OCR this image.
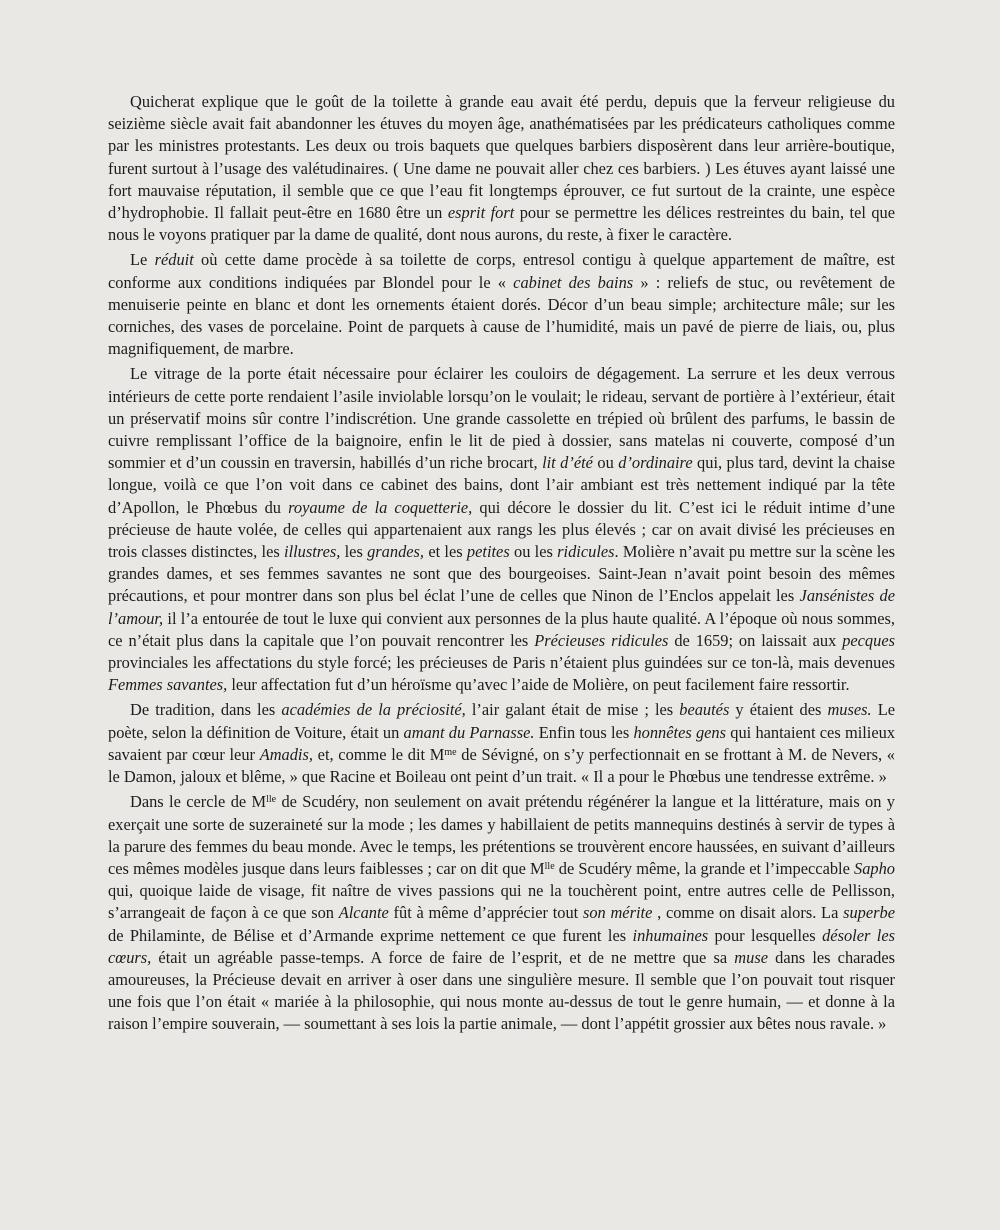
Quicherat explique que le goût de la toilette à grande eau avait été perdu, depuis que la ferveur religieuse du seizième siècle avait fait abandonner les étuves du moyen âge, anathématisées par les prédicateurs catholiques comme par les ministres protestants. Les deux ou trois baquets que quelques barbiers disposèrent dans leur arrière-boutique, furent surtout à l’usage des valétudinaires. ( Une dame ne pouvait aller chez ces barbiers. ) Les étuves ayant laissé une fort mauvaise réputation, il semble que ce que l’eau fit longtemps éprouver, ce fut surtout de la crainte, une espèce d’hydrophobie. Il fallait peut-être en 1680 être un esprit fort pour se permettre les délices restreintes du bain, tel que nous le voyons pratiquer par la dame de qualité, dont nous aurons, du reste, à fixer le caractère.

Le réduit où cette dame procède à sa toilette de corps, entresol contigu à quelque appartement de maître, est conforme aux conditions indiquées par Blondel pour le « cabinet des bains » : reliefs de stuc, ou revêtement de menuiserie peinte en blanc et dont les ornements étaient dorés. Décor d’un beau simple; architecture mâle; sur les corniches, des vases de porcelaine. Point de parquets à cause de l’humidité, mais un pavé de pierre de liais, ou, plus magnifiquement, de marbre.

Le vitrage de la porte était nécessaire pour éclairer les couloirs de dégagement. La serrure et les deux verrous intérieurs de cette porte rendaient l’asile inviolable lorsqu’on le voulait; le rideau, servant de portière à l’extérieur, était un préservatif moins sûr contre l’indiscrétion. Une grande cassolette en trépied où brûlent des parfums, le bassin de cuivre remplissant l’office de la baignoire, enfin le lit de pied à dossier, sans matelas ni couverte, composé d’un sommier et d’un coussin en traversin, habillés d’un riche brocart, lit d’été ou d’ordinaire qui, plus tard, devint la chaise longue, voilà ce que l’on voit dans ce cabinet des bains, dont l’air ambiant est très nettement indiqué par la tête d’Apollon, le Phœbus du royaume de la coquetterie, qui décore le dossier du lit. C’est ici le réduit intime d’une précieuse de haute volée, de celles qui appartenaient aux rangs les plus élevés ; car on avait divisé les précieuses en trois classes distinctes, les illustres, les grandes, et les petites ou les ridicules. Molière n’avait pu mettre sur la scène les grandes dames, et ses femmes savantes ne sont que des bourgeoises. Saint-Jean n’avait point besoin des mêmes précautions, et pour montrer dans son plus bel éclat l’une de celles que Ninon de l’Enclos appelait les Jansénistes de l’amour, il l’a entourée de tout le luxe qui convient aux personnes de la plus haute qualité. A l’époque où nous sommes, ce n’était plus dans la capitale que l’on pouvait rencontrer les Précieuses ridicules de 1659; on laissait aux pecques provinciales les affectations du style forcé; les précieuses de Paris n’étaient plus guindées sur ce ton-là, mais devenues Femmes savantes, leur affectation fut d’un héroïsme qu’avec l’aide de Molière, on peut facilement faire ressortir.

De tradition, dans les académies de la préciosité, l’air galant était de mise ; les beautés y étaient des muses. Le poète, selon la définition de Voiture, était un amant du Parnasse. Enfin tous les honnêtes gens qui hantaient ces milieux savaient par cœur leur Amadis, et, comme le dit $M^{me}$ de Sévigné, on s’y perfectionnait en se frottant à M. de Nevers, « le Damon, jaloux et blême, » que Racine et Boileau ont peint d’un trait. « Il a pour le Phœbus une tendresse extrême. »

Dans le cercle de $M^{lle}$ de Scudéry, non seulement on avait prétendu régénérer la langue et la littérature, mais on y exerçait une sorte de suzeraineté sur la mode ; les dames y habillaient de petits mannequins destinés à servir de types à la parure des femmes du beau monde. Avec le temps, les prétentions se trouvèrent encore haussées, en suivant d’ailleurs ces mêmes modèles jusque dans leurs faiblesses ; car on dit que $M^{lle}$ de Scudéry même, la grande et l’impeccable Sapho qui, quoique laide de visage, fit naître de vives passions qui ne la touchèrent point, entre autres celle de Pellisson, s’arrangeait de façon à ce que son Alcante fût à même d’apprécier tout son mérite , comme on disait alors. La superbe de Philaminte, de Bélise et d’Armande exprime nettement ce que furent les inhumaines pour lesquelles désoler les cœurs, était un agréable passe-temps. A force de faire de l’esprit, et de ne mettre que sa muse dans les charades amoureuses, la Précieuse devait en arriver à oser dans une singulière mesure. Il semble que l’on pouvait tout risquer une fois que l’on était « mariée à la philosophie, qui nous monte au-dessus de tout le genre humain, — et donne à la raison l’empire souverain, — soumettant à ses lois la partie animale, — dont l’appétit grossier aux bêtes nous ravale. »
